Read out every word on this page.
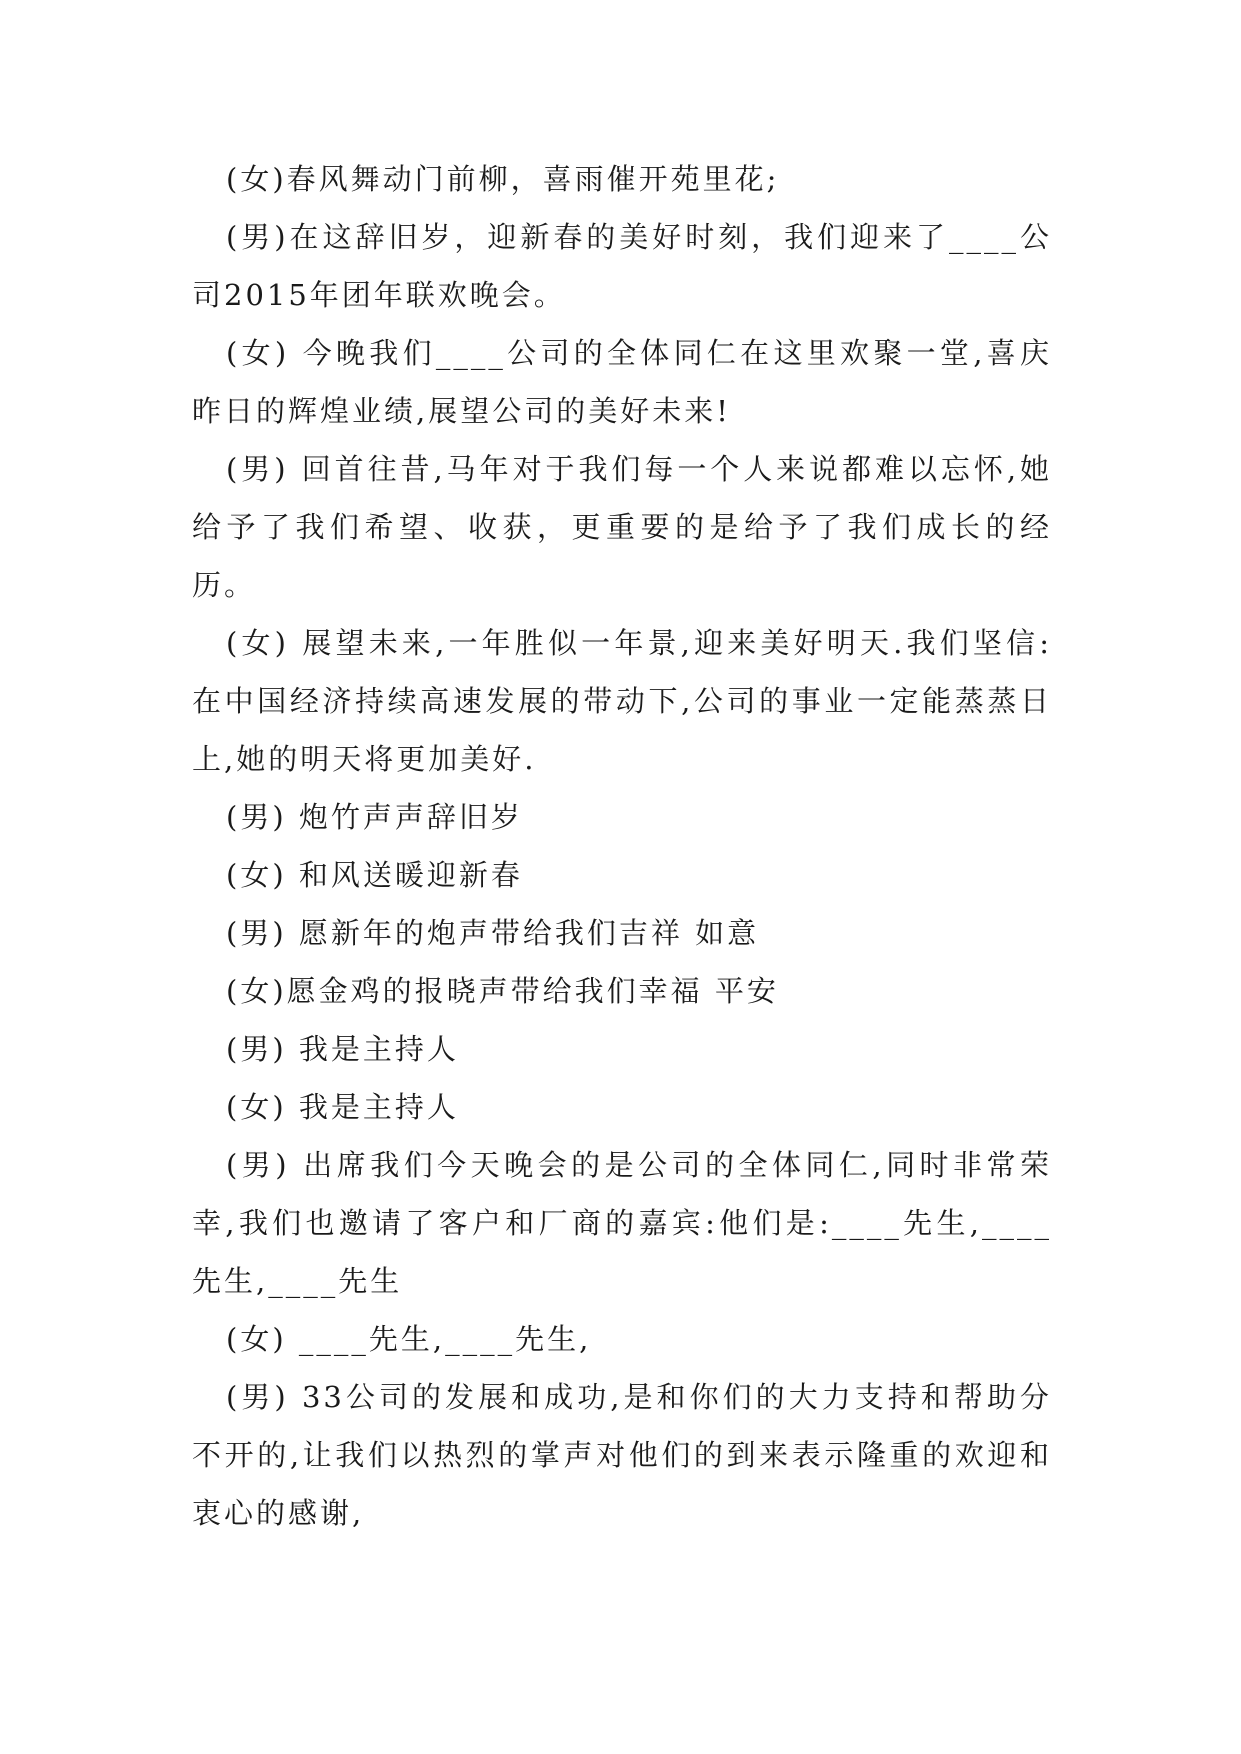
(女)春风舞动门前柳，喜雨催开苑里花;

(男)在这辞旧岁，迎新春的美好时刻，我们迎来了____公司2015年团年联欢晚会。

(女) 今晚我们____公司的全体同仁在这里欢聚一堂,喜庆昨日的辉煌业绩,展望公司的美好未来!

(男) 回首往昔,马年对于我们每一个人来说都难以忘怀,她给予了我们希望、收获，更重要的是给予了我们成长的经历。

(女) 展望未来,一年胜似一年景,迎来美好明天.我们坚信:在中国经济持续高速发展的带动下,公司的事业一定能蒸蒸日上,她的明天将更加美好.

(男) 炮竹声声辞旧岁

(女) 和风送暖迎新春

(男) 愿新年的炮声带给我们吉祥 如意

(女)愿金鸡的报晓声带给我们幸福 平安

(男) 我是主持人

(女) 我是主持人

(男) 出席我们今天晚会的是公司的全体同仁,同时非常荣幸,我们也邀请了客户和厂商的嘉宾:他们是:____先生,____先生,____先生

(女) ____先生,____先生,

(男) 33公司的发展和成功,是和你们的大力支持和帮助分不开的,让我们以热烈的掌声对他们的到来表示隆重的欢迎和衷心的感谢,
